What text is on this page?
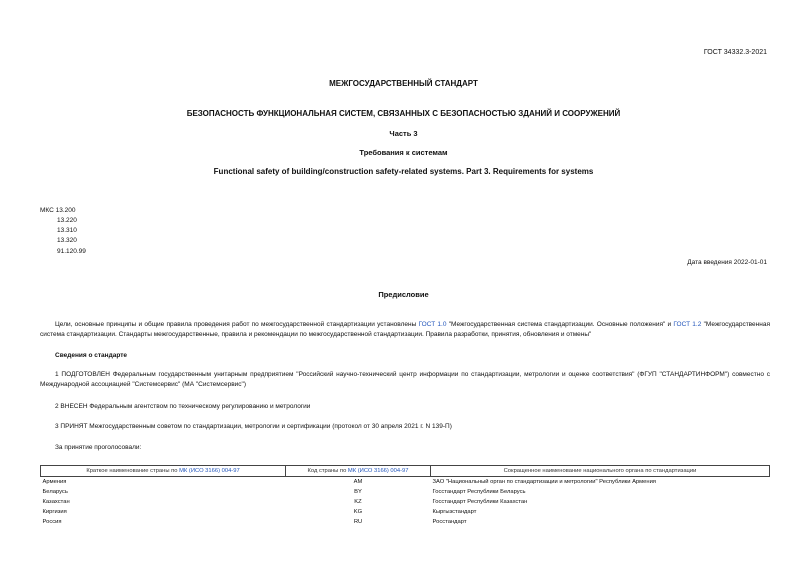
ГОСТ 34332.3-2021
МЕЖГОСУДАРСТВЕННЫЙ СТАНДАРТ
БЕЗОПАСНОСТЬ ФУНКЦИОНАЛЬНАЯ СИСТЕМ, СВЯЗАННЫХ С БЕЗОПАСНОСТЬЮ ЗДАНИЙ И СООРУЖЕНИЙ
Часть 3
Требования к системам
Functional safety of building/construction safety-related systems. Part 3. Requirements for systems
МКС 13.200
13.220
13.310
13.320
91.120.99
Дата введения 2022-01-01
Предисловие
Цели, основные принципы и общие правила проведения работ по межгосударственной стандартизации установлены ГОСТ 1.0 "Межгосударственная система стандартизации. Основные положения" и ГОСТ 1.2 "Межгосударственная система стандартизации. Стандарты межгосударственные, правила и рекомендации по межгосударственной стандартизации. Правила разработки, принятия, обновления и отмены"
Сведения о стандарте
1 ПОДГОТОВЛЕН Федеральным государственным унитарным предприятием "Российский научно-технический центр информации по стандартизации, метрологии и оценке соответствия" (ФГУП "СТАНДАРТИНФОРМ") совместно с Международной ассоциацией "Системсервис" (МА "Системсервис")
2 ВНЕСЕН Федеральным агентством по техническому регулированию и метрологии
3 ПРИНЯТ Межгосударственным советом по стандартизации, метрологии и сертификации (протокол от 30 апреля 2021 г. N 139-П)
За принятие проголосовали:
Краткое наименование страны по МК (ИСО 3166) 004-97	Код страны по МК (ИСО 3166) 004-97	Сокращенное наименование национального органа по стандартизации
Армения	AM	ЗАО "Национальный орган по стандартизации и метрологии" Республики Армения
Беларусь	BY	Госстандарт Республики Беларусь
Казахстан	KZ	Госстандарт Республики Казахстан
Киргизия	KG	Кыргызстандарт
Россия	RU	Росстандарт
